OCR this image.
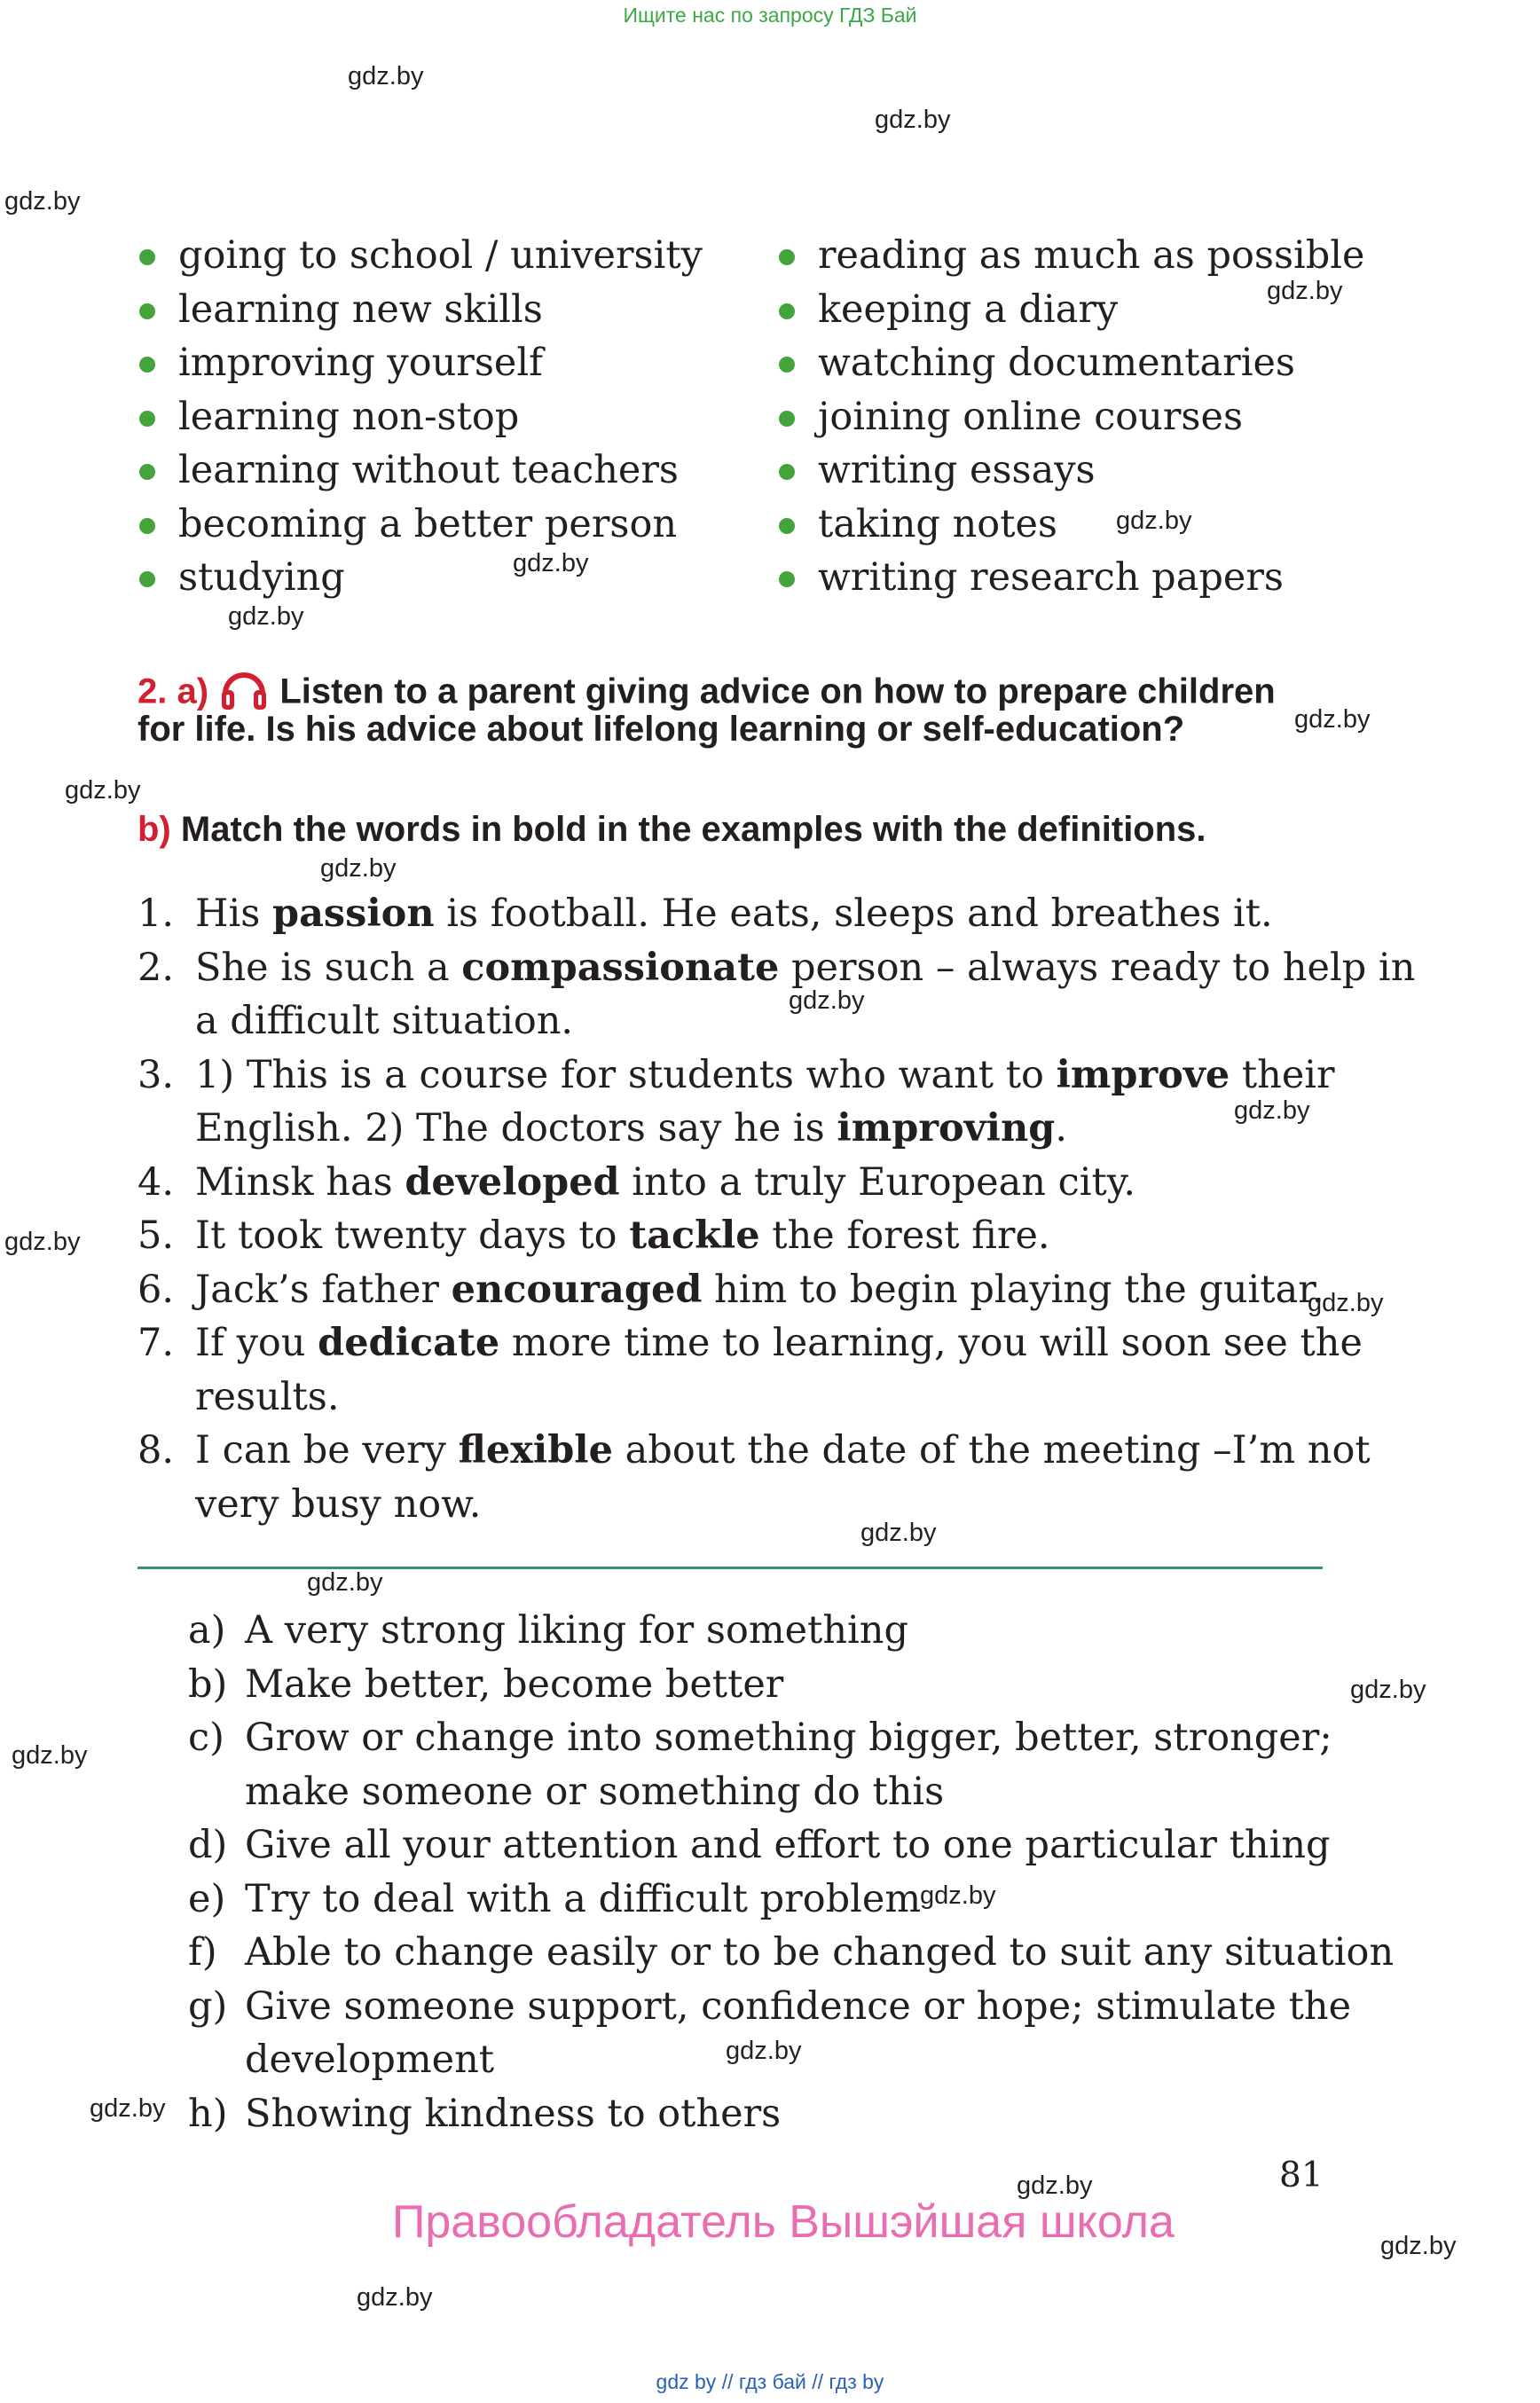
Ищите нас по запросу ГДЗ Бай
gdz.by
gdz.by
gdz.by
gdz.by
gdz.by
gdz.by
gdz.by
gdz.by
gdz.by
gdz.by
gdz.by
gdz.by
gdz.by
gdz.by
gdz.by
gdz.by
gdz.by
gdz.by
gdz.by
gdz.by
gdz.by
gdz.by
gdz.by
gdz.by
going to school / university
learning new skills
improving yourself
learning non-stop
learning without teachers
becoming a better person
studying
reading as much as possible
keeping a diary
watching documentaries
joining online courses
writing essays
taking notes
writing research papers
2. a) Listen to a parent giving advice on how to prepare children
for life. Is his advice about lifelong learning or self-education?
b) Match the words in bold in the examples with the definitions.
1. His passion is football. He eats, sleeps and breathes it.
2. She is such a compassionate person – always ready to help in
a difficult situation.
3. 1) This is a course for students who want to improve their
English. 2) The doctors say he is improving.
4. Minsk has developed into a truly European city.
5. It took twenty days to tackle the forest fire.
6. Jack’s father encouraged him to begin playing the guitar.
7. If you dedicate more time to learning, you will soon see the
results.
8. I can be very flexible about the date of the meeting –I’m not
very busy now.
a) A very strong liking for something
b) Make better, become better
c) Grow or change into something bigger, better, stronger;
make someone or something do this
d) Give all your attention and effort to one particular thing
e) Try to deal with a difficult problem
f) Able to change easily or to be changed to suit any situation
g) Give someone support, confidence or hope; stimulate the
development
h) Showing kindness to others
81
Правообладатель Вышэйшая школа
gdz by // гдз бай // гдз by
